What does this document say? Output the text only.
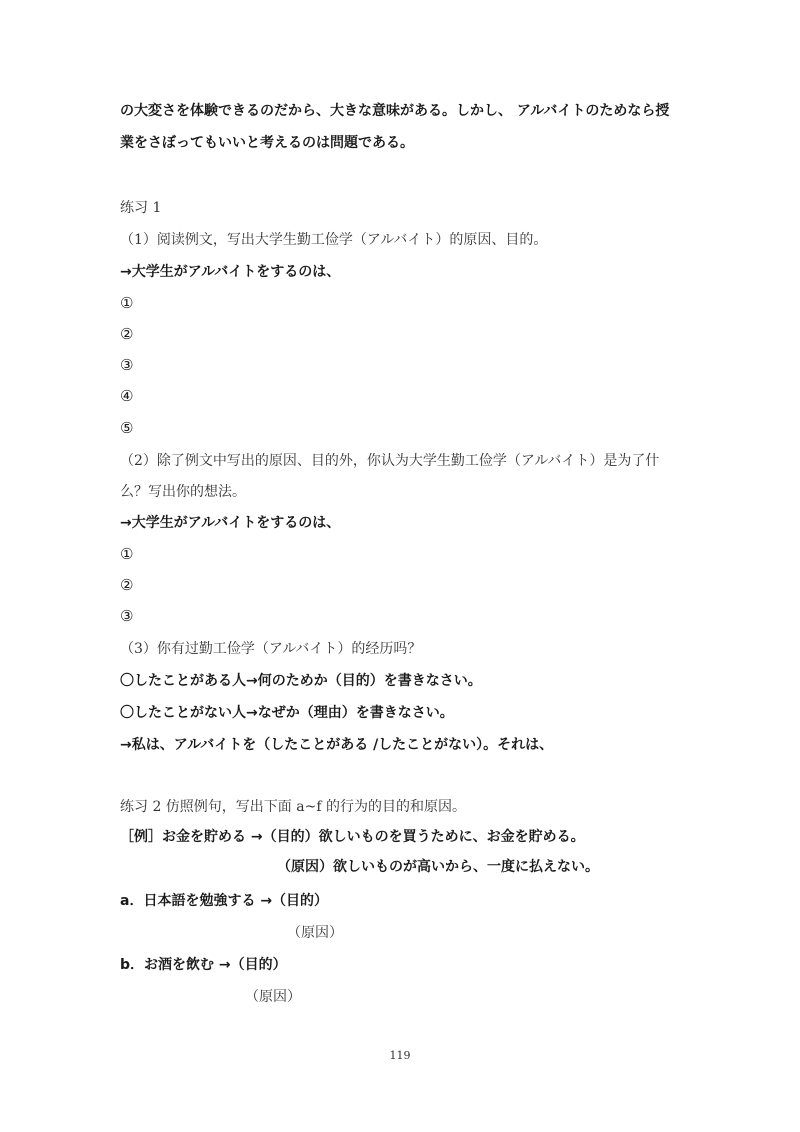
の大変さを体験できるのだから、大きな意味がある。しかし、 アルバイトのためなら授
業をさぼってもいいと考えるのは問題である。
练习 1
（1）阅读例文，写出大学生勤工俭学（アルバイト）的原因、目的。
→大学生がアルバイトをするのは、
①
②
③
④
⑤
（2）除了例文中写出的原因、目的外，你认为大学生勤工俭学（アルバイト）是为了什
么？写出你的想法。
→大学生がアルバイトをするのは、
①
②
③
（3）你有过勤工俭学（アルバイト）的经历吗？
〇したことがある人→何のためか（目的）を書きなさい。
〇したことがない人→なぜか（理由）を書きなさい。
→私は、アルバイトを（したことがある /したことがない）。それは、
练习 2 仿照例句，写出下面 a~f 的行为的目的和原因。
［例］お金を貯める →（目的）欲しいものを買うために、お金を貯める。
（原因）欲しいものが高いから、一度に払えない。
a．日本語を勉強する →（目的）
（原因）
b．お酒を飲む →（目的）
（原因）
119
